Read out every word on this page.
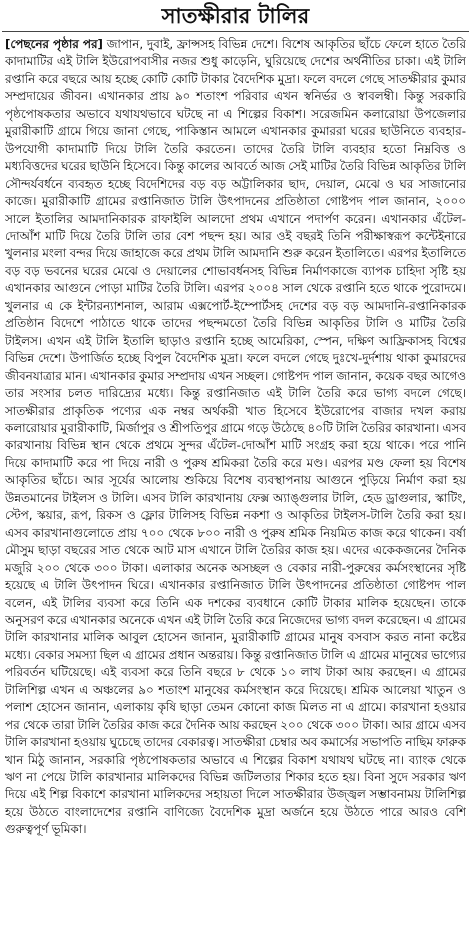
সাতক্ষীরার টালির
[পেছনের পৃষ্ঠার পর] জাপান, দুবাই, ফ্রান্সসহ বিভিন্ন দেশে। বিশেষ আকৃতির ছাঁচে ফেলে হাতে তৈরি কাদামাটির এই টালি ইউরোপবাসীর নজর শুধু কাড়েনি, ঘুরিয়েছে দেশের অর্থনীতির চাকা। এই টালি রপ্তানি করে বছরে আয় হচ্ছে কোটি কোটি টাকার বৈদেশিক মুদ্রা। ফলে বদলে গেছে সাতক্ষীরার কুমার সম্প্রদায়ের জীবন। এখানকার প্রায় ৯০ শতাংশ পরিবার এখন স্বনির্ভর ও স্বাবলম্বী। কিন্তু সরকারি পৃষ্ঠপোষকতার অভাবে যথাযথভাবে ঘটছে না এ শিল্পের বিকাশ। সরেজমিন কলারোয়া উপজেলার মুরারীকাটি গ্রামে গিয়ে জানা গেছে, পাকিস্তান আমলে এখানকার কুমাররা ঘরের ছাউনিতে ব্যবহার-উপযোগী কাদামাটি দিয়ে টালি তৈরি করতেন। তাদের তৈরি টালি ব্যবহার হতো নিম্নবিত্ত ও মধ্যবিত্তদের ঘরের ছাউনি হিসেবে। কিন্তু কালের আবর্তে আজ সেই মাটির তৈরি বিভিন্ন আকৃতির টালি সৌন্দর্যবর্ধনে ব্যবহৃত হচ্ছে বিদেশিদের বড় বড় অট্টালিকার ছাদ, দেয়াল, মেঝে ও ঘর সাজানোর কাজে। মুরারীকাটি গ্রামের রপ্তানিজাত টালি উৎপাদনের প্রতিষ্ঠাতা গোষ্টপদ পাল জানান, ২০০০ সালে ইতালির আমদানিকারক রাফাইলি আলদো প্রথম এখানে পদার্পণ করেন। এখানকার এঁটেল-দোআঁশ মাটি দিয়ে তৈরি টালি তার বেশ পছন্দ হয়। আর ওই বছরই তিনি পরীক্ষাস্বরূপ কন্টেইনারে খুলনার মংলা বন্দর দিয়ে জাহাজে করে প্রথম টালি আমদানি শুরু করেন ইতালিতে। এরপর ইতালিতে বড় বড় ভবনের ঘরের মেঝে ও দেয়ালের শোভাবর্ধনসহ বিভিন্ন নির্মাণকাজে ব্যাপক চাহিদা সৃষ্টি হয় এখানকার আগুনে পোড়া মাটির তৈরি টালি। এরপর ২০০৪ সাল থেকে রপ্তানি হতে থাকে পুরোদমে। খুলনার এ কে ইন্টারন্যাশনাল, আরাম এক্সপোর্ট-ইম্পোর্টসহ দেশের বড় বড় আমদানি-রপ্তানিকারক প্রতিষ্ঠান বিদেশে পাঠাতে থাকে তাদের পছন্দমতো তৈরি বিভিন্ন আকৃতির টালি ও মাটির তৈরি টাইলস। এখন এই টালি ইতালি ছাড়াও রপ্তানি হচ্ছে আমেরিকা, স্পেন, দক্ষিণ আফ্রিকাসহ বিশ্বের বিভিন্ন দেশে। উপার্জিত হচ্ছে বিপুল বৈদেশিক মুদ্রা। ফলে বদলে গেছে দুঃখে-দুর্দশায় থাকা কুমারদের জীবনযাত্রার মান। এখানকার কুমার সম্প্রদায় এখন সচ্ছল। গোষ্টপদ পাল জানান, কয়েক বছর আগেও তার সংসার চলত দারিদ্র্যের মধ্যে। কিন্তু রপ্তানিজাত এই টালি তৈরি করে ভাগ্য বদলে গেছে। সাতক্ষীরার প্রাকৃতিক পণ্যের এক নম্বর অর্থকরী খাত হিসেবে ইউরোপের বাজার দখল করায় কলারোয়ার মুরারীকাটি, মির্জাপুর ও শ্রীপতিপুর গ্রামে গড়ে উঠেছে ৪০টি টালি তৈরির কারখানা। এসব কারখানায় বিভিন্ন স্থান থেকে প্রথমে সুন্দর এঁটেল-দোআঁশ মাটি সংগ্রহ করা হয়ে থাকে। পরে পানি দিয়ে কাদামাটি করে পা দিয়ে নারী ও পুরুষ শ্রমিকরা তৈরি করে মণ্ড। এরপর মণ্ড ফেলা হয় বিশেষ আকৃতির ছাঁচে। আর সূর্যের আলোয় শুকিয়ে বিশেষ ব্যবস্থাপনায় আগুনে পুড়িয়ে নির্মাণ করা হয় উন্নতমানের টাইলস ও টালি। এসব টালি কারখানায় ফেক্স অ্যাঙ্গুলার টালি, হেড ড্রাগুলার, স্কাটিং, স্টেপ, স্কয়ার, রূপ, রিকস ও ফ্লোর টালিসহ বিভিন্ন নকশা ও আকৃতির টাইলস-টালি তৈরি করা হয়। এসব কারখানাগুলোতে প্রায় ৭০০ থেকে ৮০০ নারী ও পুরুষ শ্রমিক নিয়মিত কাজ করে থাকেন। বর্ষা মৌসুম ছাড়া বছরের সাত থেকে আট মাস এখানে টালি তৈরির কাজ হয়। এদের একেকজনের দৈনিক মজুরি ২০০ থেকে ৩০০ টাকা। এলাকার অনেক অসচ্ছল ও বেকার নারী-পুরুষের কর্মসংস্থানের সৃষ্টি হয়েছে এ টালি উৎপাদন ঘিরে। এখানকার রপ্তানিজাত টালি উৎপাদনের প্রতিষ্ঠাতা গোষ্টপদ পাল বলেন, এই টালির ব্যবসা করে তিনি এক দশকের ব্যবধানে কোটি টাকার মালিক হয়েছেন। তাকে অনুসরণ করে এখানকার অনেকে এখন এই টালি তৈরি করে নিজেদের ভাগ্য বদল করেছেন। এ গ্রামের টালি কারখানার মালিক আবুল হোসেন জানান, মুরারীকাটি গ্রামের মানুষ বসবাস করত নানা কষ্টের মধ্যে। বেকার সমস্যা ছিল এ গ্রামের প্রধান অন্তরায়। কিন্তু রপ্তানিজাত টালি এ গ্রামের মানুষের ভাগ্যের পরিবর্তন ঘটিয়েছে। এই ব্যবসা করে তিনি বছরে ৮ থেকে ১০ লাখ টাকা আয় করছেন। এ গ্রামের টালিশিল্প এখন এ অঞ্চলের ৯০ শতাংশ মানুষের কর্মসংস্থান করে দিয়েছে। শ্রমিক আলেয়া খাতুন ও পলাশ হোসেন জানান, এলাকায় কৃষি ছাড়া তেমন কোনো কাজ মিলত না এ গ্রামে। কারখানা হওয়ার পর থেকে তারা টালি তৈরির কাজ করে দৈনিক আয় করছেন ২০০ থেকে ৩০০ টাকা। আর গ্রামে এসব টালি কারখানা হওয়ায় ঘুচেছে তাদের বেকারত্ব। সাতক্ষীরা চেম্বার অব কমার্সের সভাপতি নাছিম ফারুক খান মিঠু জানান, সরকারি পৃষ্ঠপোষকতার অভাবে এ শিল্পের বিকাশ যথাযথ ঘটছে না। ব্যাংক থেকে ঋণ না পেয়ে টালি কারখানার মালিকদের বিভিন্ন জটিলতার শিকার হতে হয়। বিনা সুদে সরকার ঋণ দিয়ে এই শিল্প বিকাশে কারখানা মালিকদের সহায়তা দিলে সাতক্ষীরার উজ্জ্বল সম্ভাবনাময় টালিশিল্প হয়ে উঠতে বাংলাদেশের রপ্তানি বাণিজ্যে বৈদেশিক মুদ্রা অর্জনে হয়ে উঠতে পারে আরও বেশি গুরুত্বপূর্ণ ভূমিকা।
